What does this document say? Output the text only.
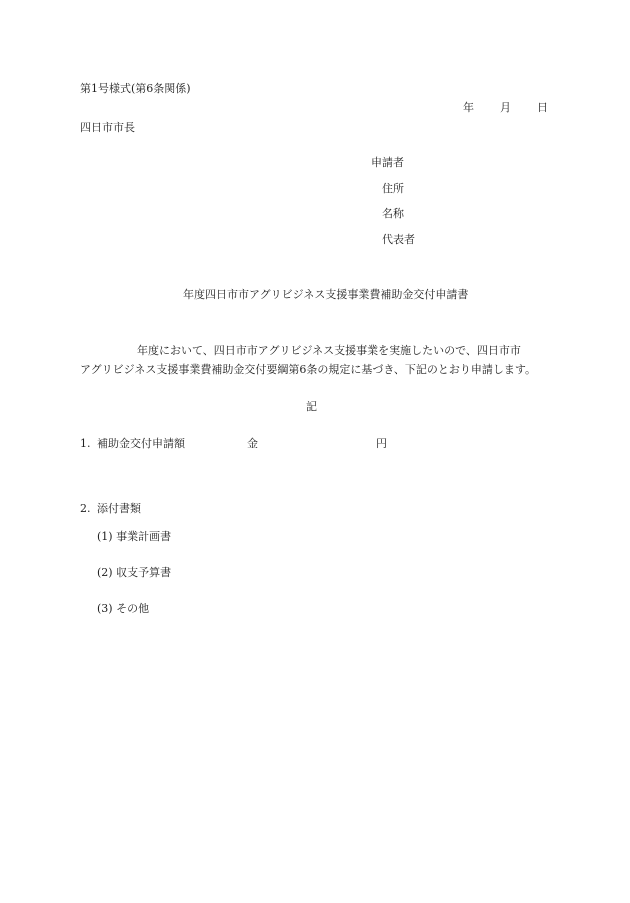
第1号様式(第6条関係)
年 月 日
四日市市長
申請者
住所
名称
代表者
年度四日市市アグリビジネス支援事業費補助金交付申請書
年度において、四日市市アグリビジネス支援事業を実施したいので、四日市市
アグリビジネス支援事業費補助金交付要綱第6条の規定に基づき、下記のとおり申請します。
記
1. 補助金交付申請額	金	円
2. 添付書類
(1) 事業計画書
(2) 収支予算書
(3) その他
